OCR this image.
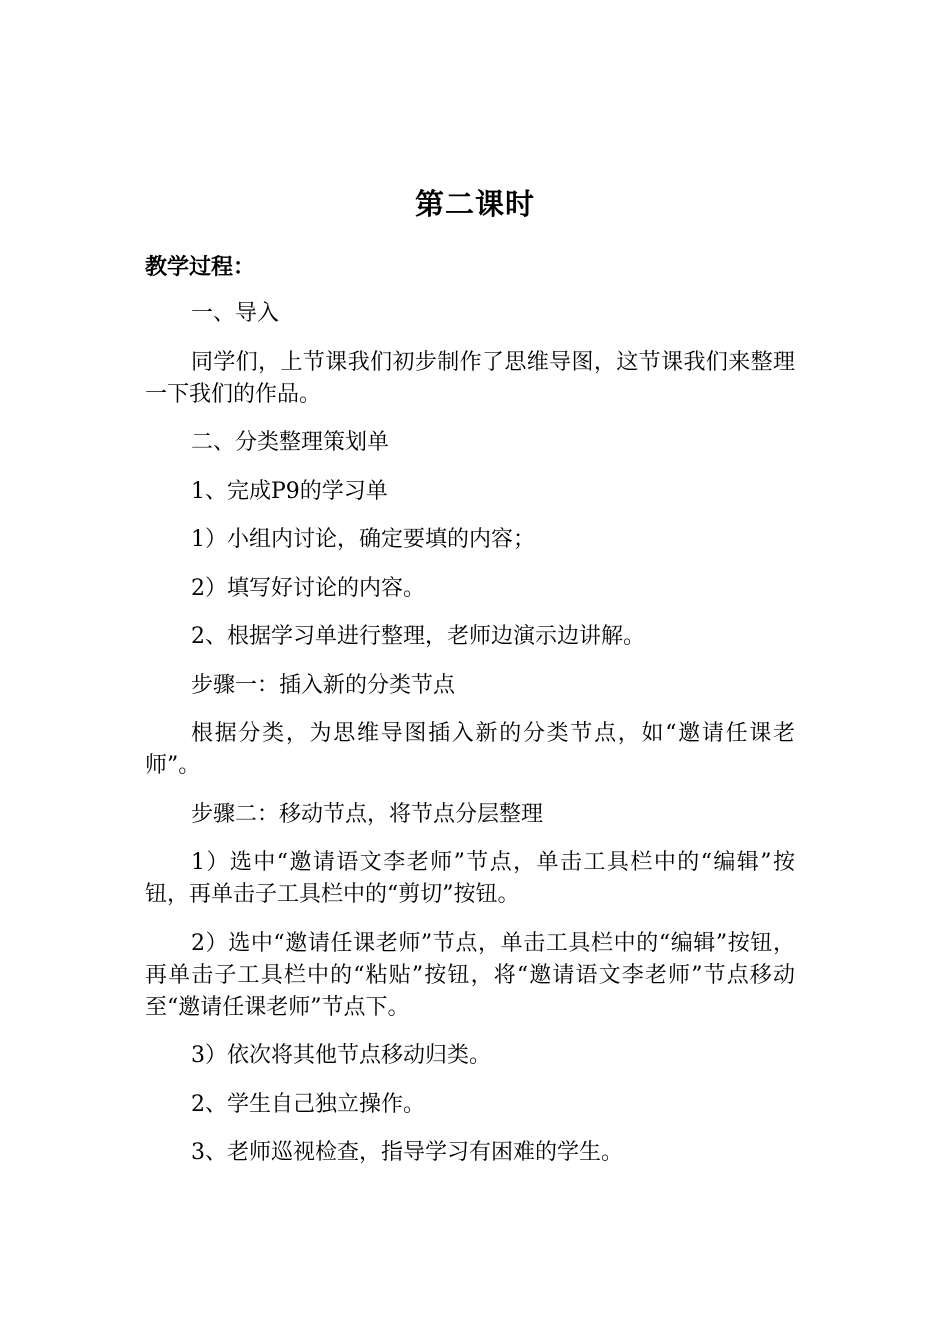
第二课时
教学过程：

一、导入

同学们，上节课我们初步制作了思维导图，这节课我们来整理一下我们的作品。

二、分类整理策划单

1、完成P9的学习单

1）小组内讨论，确定要填的内容；

2）填写好讨论的内容。

2、根据学习单进行整理，老师边演示边讲解。

步骤一：插入新的分类节点

根据分类，为思维导图插入新的分类节点，如“邀请任课老师”。

步骤二：移动节点，将节点分层整理

1）选中“邀请语文李老师”节点，单击工具栏中的“编辑”按钮，再单击子工具栏中的“剪切”按钮。

2）选中“邀请任课老师”节点，单击工具栏中的“编辑”按钮，再单击子工具栏中的“粘贴”按钮，将“邀请语文李老师”节点移动至“邀请任课老师”节点下。

3）依次将其他节点移动归类。

2、学生自己独立操作。

3、老师巡视检查，指导学习有困难的学生。
